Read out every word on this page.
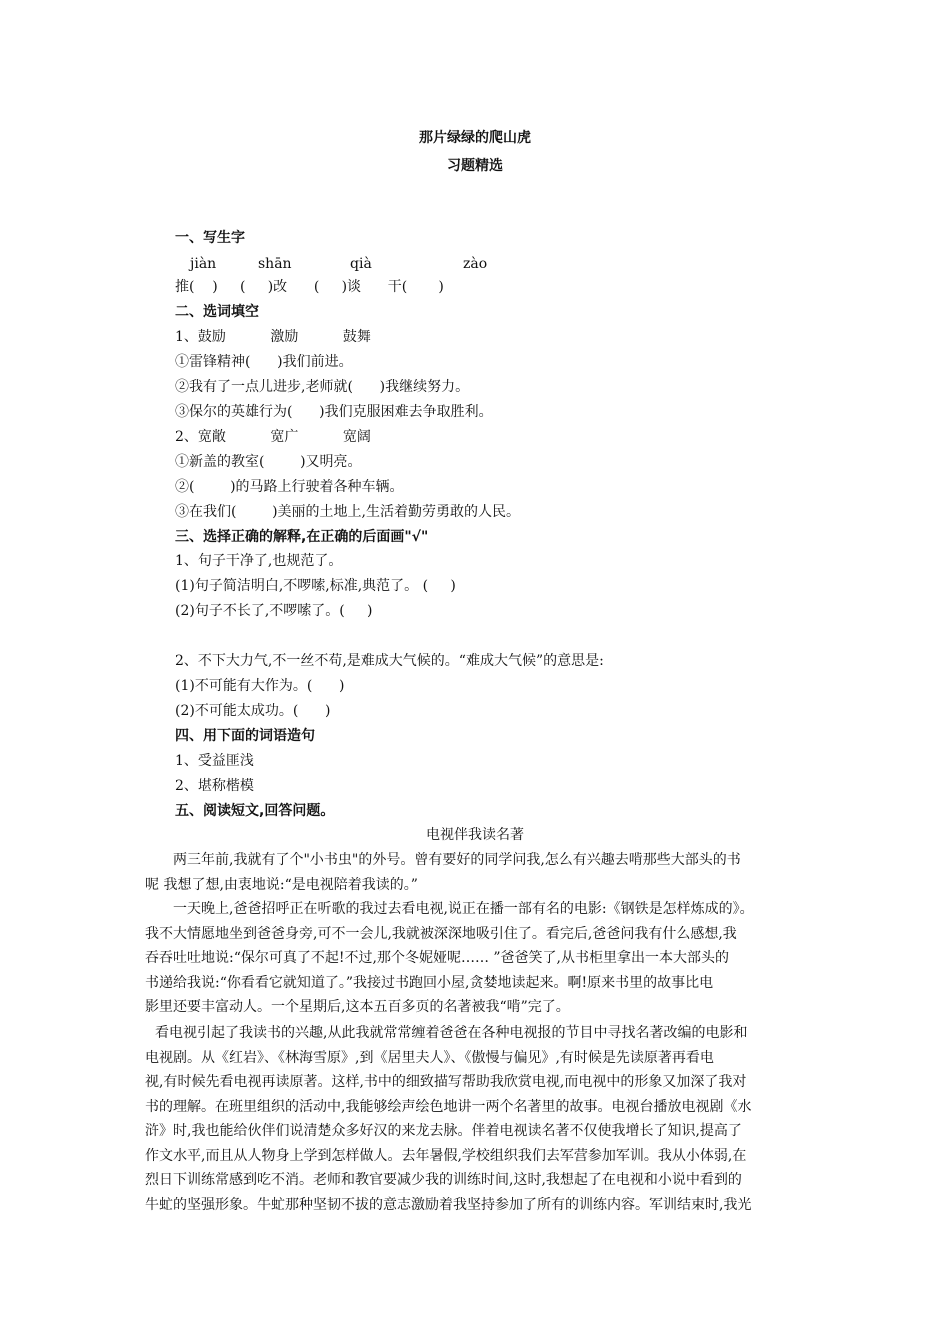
那片绿绿的爬山虎
习题精选
一、写生字
jiàn	shān	qià	zào
推(    )     (     )改      (     )谈      干(       )
二、选词填空
1、鼓励          激励          鼓舞
①雷锋精神(      )我们前进。
②我有了一点儿进步,老师就(      )我继续努力。
③保尔的英雄行为(      )我们克服困难去争取胜利。
2、宽敞          宽广          宽阔
①新盖的教室(        )又明亮。
②(        )的马路上行驶着各种车辆。
③在我们(        )美丽的土地上,生活着勤劳勇敢的人民。
三、选择正确的解释,在正确的后面画"√"
1、句子干净了,也规范了。
(1)句子简洁明白,不啰嗦,标准,典范了。 (     )
(2)句子不长了,不啰嗦了。(     )
2、不下大力气,不一丝不苟,是难成大气候的。“难成大气候”的意思是:
(1)不可能有大作为。(      )
(2)不可能太成功。(      )
四、用下面的词语造句
1、受益匪浅
2、堪称楷模
五、阅读短文,回答问题。
电视伴我读名著
两三年前,我就有了个"小书虫"的外号。曾有要好的同学问我,怎么有兴趣去啃那些大部头的书
呢 我想了想,由衷地说:“是电视陪着我读的。”
一天晚上,爸爸招呼正在听歌的我过去看电视,说正在播一部有名的电影:《钢铁是怎样炼成的》。
我不大情愿地坐到爸爸身旁,可不一会儿,我就被深深地吸引住了。看完后,爸爸问我有什么感想,我
吞吞吐吐地说:“保尔可真了不起!不过,那个冬妮娅呢…… ”爸爸笑了,从书柜里拿出一本大部头的
书递给我说:“你看看它就知道了。”我接过书跑回小屋,贪婪地读起来。啊!原来书里的故事比电
影里还要丰富动人。一个星期后,这本五百多页的名著被我“啃”完了。
看电视引起了我读书的兴趣,从此我就常常缠着爸爸在各种电视报的节目中寻找名著改编的电影和
电视剧。从《红岩》、《林海雪原》,到《居里夫人》、《傲慢与偏见》,有时候是先读原著再看电
视,有时候先看电视再读原著。这样,书中的细致描写帮助我欣赏电视,而电视中的形象又加深了我对
书的理解。在班里组织的活动中,我能够绘声绘色地讲一两个名著里的故事。电视台播放电视剧《水
浒》时,我也能给伙伴们说清楚众多好汉的来龙去脉。伴着电视读名著不仅使我增长了知识,提高了
作文水平,而且从人物身上学到怎样做人。去年暑假,学校组织我们去军营参加军训。我从小体弱,在
烈日下训练常感到吃不消。老师和教官要减少我的训练时间,这时,我想起了在电视和小说中看到的
牛虻的坚强形象。牛虻那种坚韧不拔的意志激励着我坚持参加了所有的训练内容。军训结束时,我光
